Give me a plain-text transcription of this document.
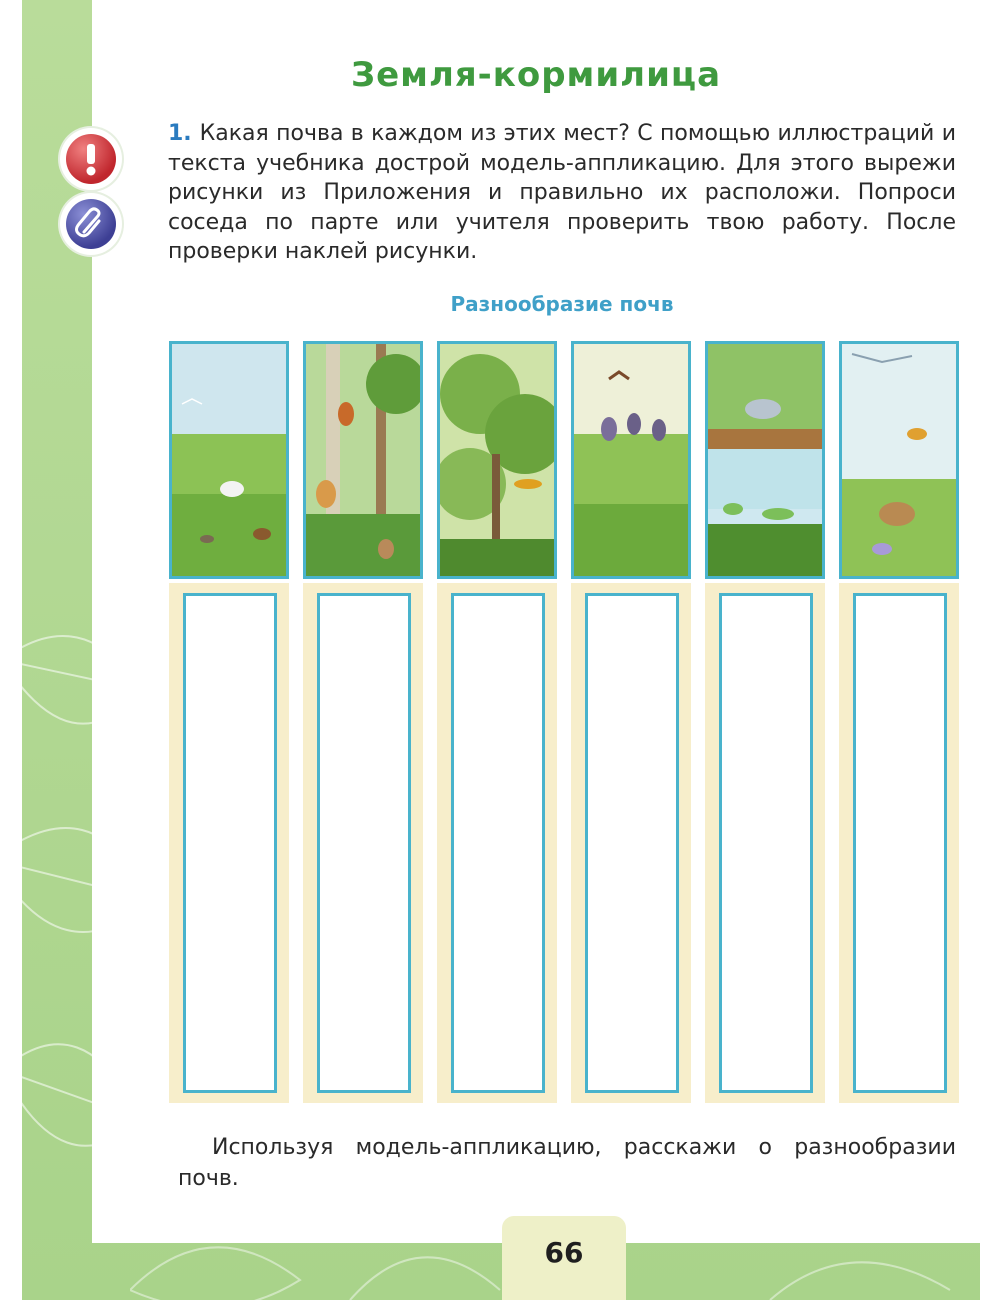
Земля-кормилица
1. Какая почва в каждом из этих мест? С помощью иллюстраций и текста учебника дострой модель-аппликацию. Для этого вырежи рисунки из Приложения и правильно их расположи. Попроси соседа по парте или учителя проверить твою работу. После проверки наклей рисунки.
Разнообразие почв
Используя модель-аппликацию, расскажи о разнообразии почв.
66
